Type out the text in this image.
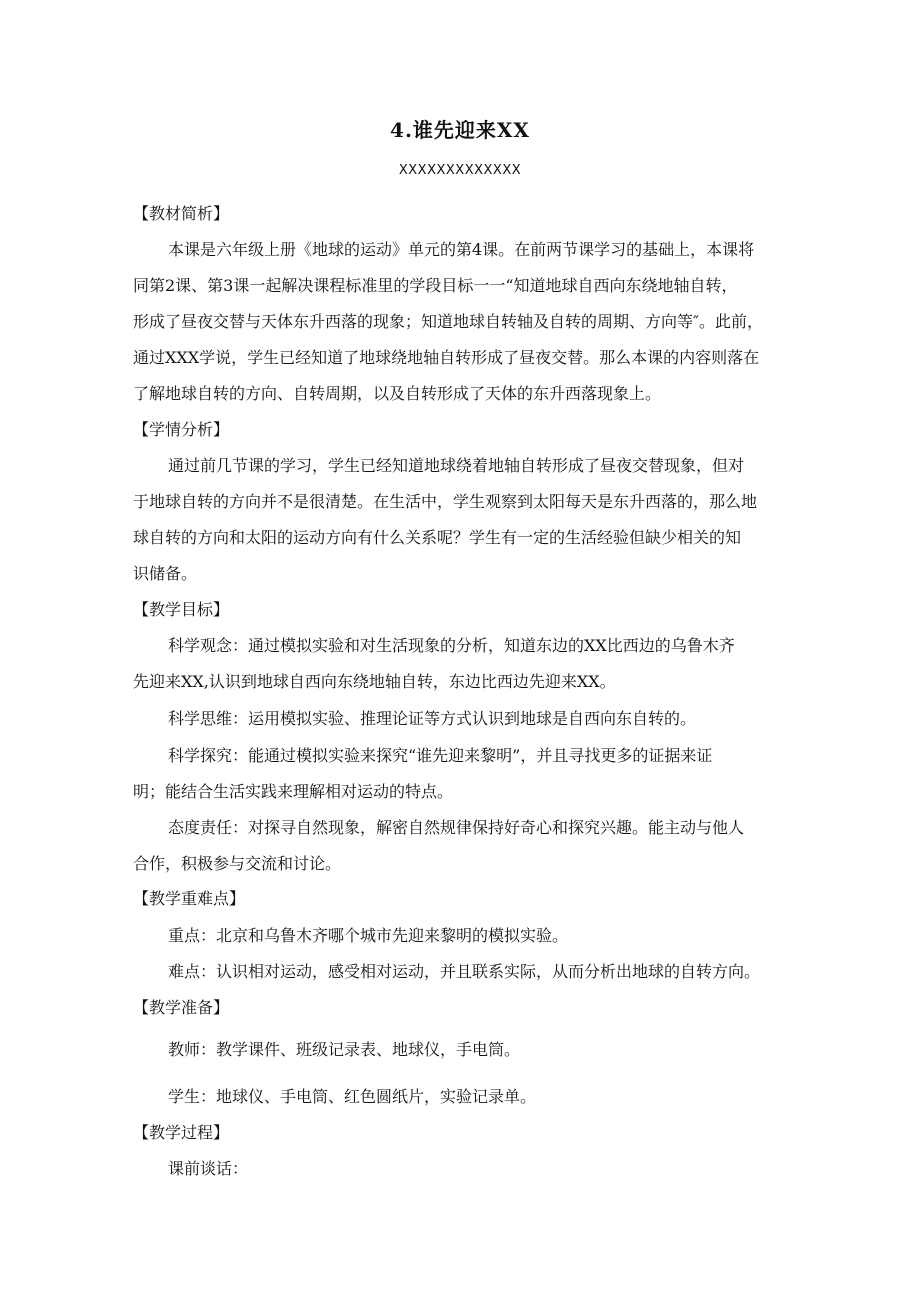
4.谁先迎来XX
XXXXXXXXXXXXX
【教材简析】
本课是六年级上册《地球的运动》单元的第4课。在前两节课学习的基础上，本课将
同第2课、第3课一起解决课程标准里的学段目标一一“知道地球自西向东绕地轴自转，
形成了昼夜交替与天体东升西落的现象；知道地球自转轴及自转的周期、方向等″。此前，
通过XXX学说，学生已经知道了地球绕地轴自转形成了昼夜交替。那么本课的内容则落在
了解地球自转的方向、自转周期，以及自转形成了天体的东升西落现象上。
【学情分析】
通过前几节课的学习，学生已经知道地球绕着地轴自转形成了昼夜交替现象，但对
于地球自转的方向并不是很清楚。在生活中，学生观察到太阳每天是东升西落的，那么地
球自转的方向和太阳的运动方向有什么关系呢？学生有一定的生活经验但缺少相关的知
识储备。
【教学目标】
科学观念：通过模拟实验和对生活现象的分析，知道东边的XX比西边的乌鲁木齐
先迎来XX,认识到地球自西向东绕地轴自转，东边比西边先迎来XX。
科学思维：运用模拟实验、推理论证等方式认识到地球是自西向东自转的。
科学探究：能通过模拟实验来探究“谁先迎来黎明”，并且寻找更多的证据来证
明；能结合生活实践来理解相对运动的特点。
态度责任：对探寻自然现象，解密自然规律保持好奇心和探究兴趣。能主动与他人
合作，积极参与交流和讨论。
【教学重难点】
重点：北京和乌鲁木齐哪个城市先迎来黎明的模拟实验。
难点：认识相对运动，感受相对运动，并且联系实际，从而分析出地球的自转方向。
【教学准备】
教师：教学课件、班级记录表、地球仪，手电筒。
学生：地球仪、手电筒、红色圆纸片，实验记录单。
【教学过程】
课前谈话：
